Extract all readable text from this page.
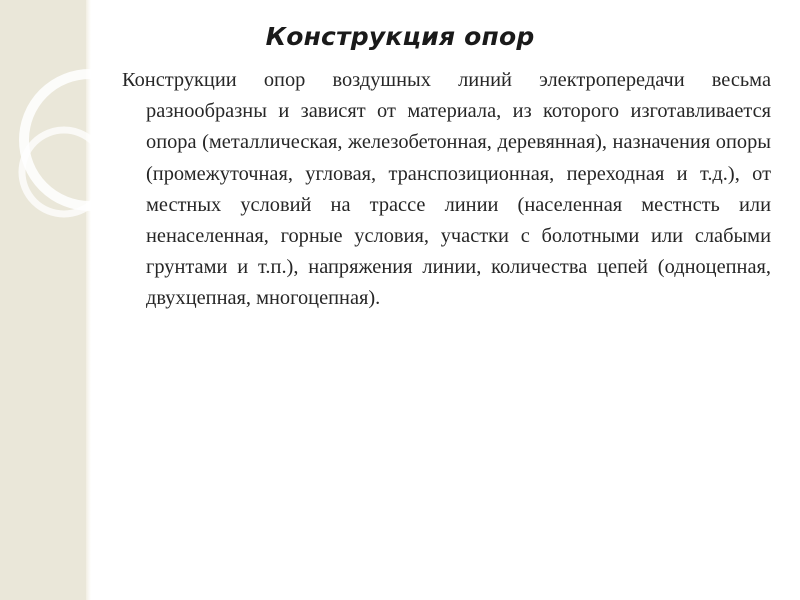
Конструкция опор

Конструкции опор воздушных линий электропередачи весьма разнообразны и зависят от материала, из которого изготавливается опора (металлическая, железобетонная, деревянная), назначения опоры (промежуточная, угловая, транспозиционная, переходная и т.д.), от местных условий на трассе линии (населенная местнсть или ненаселенная, горные условия, участки с болотными или слабыми грунтами и т.п.), напряжения линии, количества цепей (одноцепная, двухцепная, многоцепная).
